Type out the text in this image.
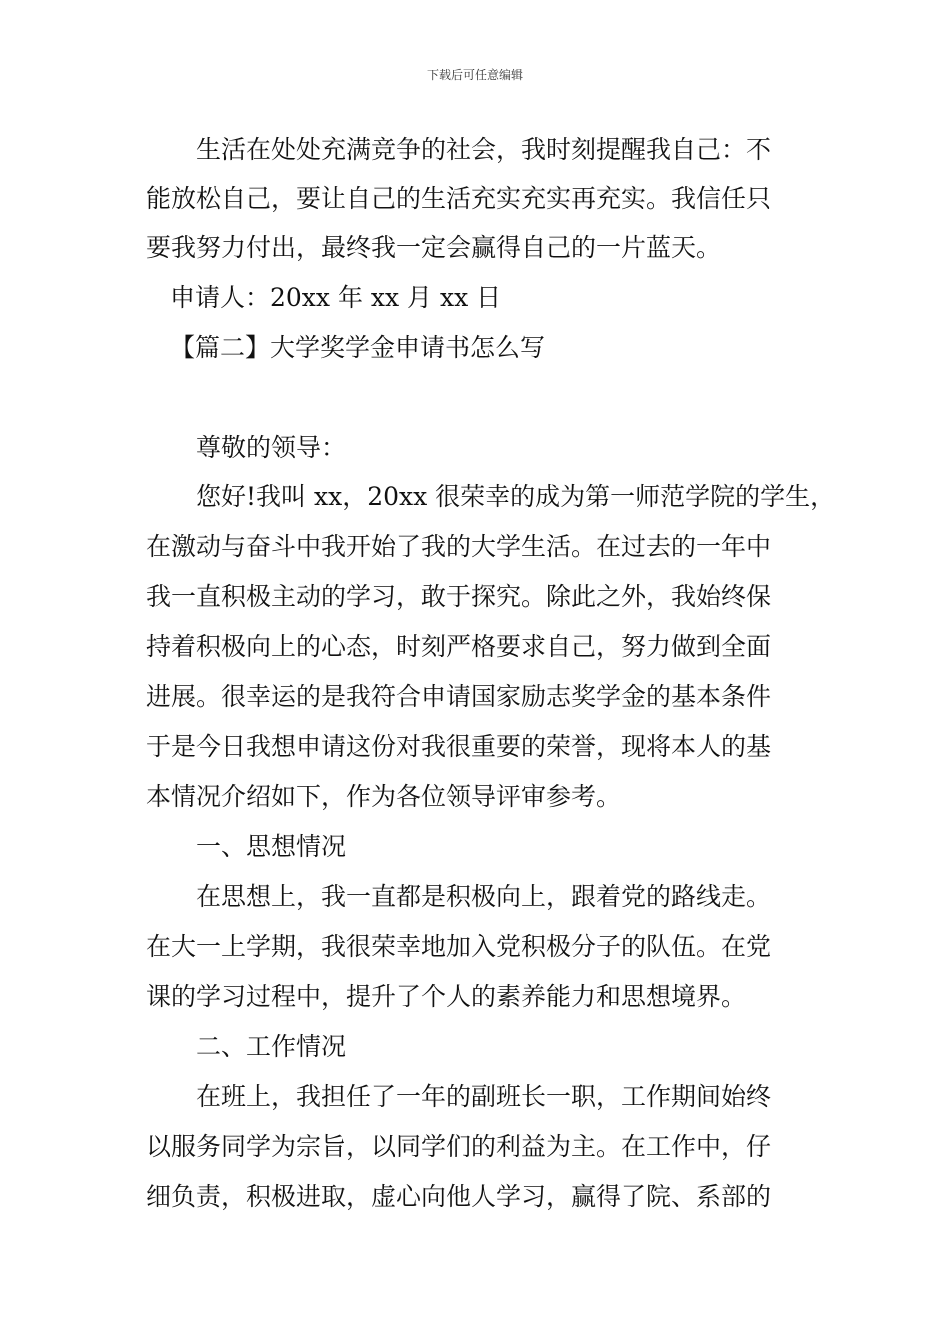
下载后可任意编辑
生活在处处充满竞争的社会，我时刻提醒我自己：不
能放松自己，要让自己的生活充实充实再充实。我信任只
要我努力付出，最终我一定会赢得自己的一片蓝天。
申请人：20xx 年 xx 月 xx 日
【篇二】大学奖学金申请书怎么写
尊敬的领导：
您好!我叫 xx，20xx 很荣幸的成为第一师范学院的学生，
在激动与奋斗中我开始了我的大学生活。在过去的一年中
我一直积极主动的学习，敢于探究。除此之外，我始终保
持着积极向上的心态，时刻严格要求自己，努力做到全面
进展。很幸运的是我符合申请国家励志奖学金的基本条件
于是今日我想申请这份对我很重要的荣誉，现将本人的基
本情况介绍如下，作为各位领导评审参考。
一、思想情况
在思想上，我一直都是积极向上，跟着党的路线走。
在大一上学期，我很荣幸地加入党积极分子的队伍。在党
课的学习过程中，提升了个人的素养能力和思想境界。
二、工作情况
在班上，我担任了一年的副班长一职，工作期间始终
以服务同学为宗旨，以同学们的利益为主。在工作中，仔
细负责，积极进取，虚心向他人学习，赢得了院、系部的
